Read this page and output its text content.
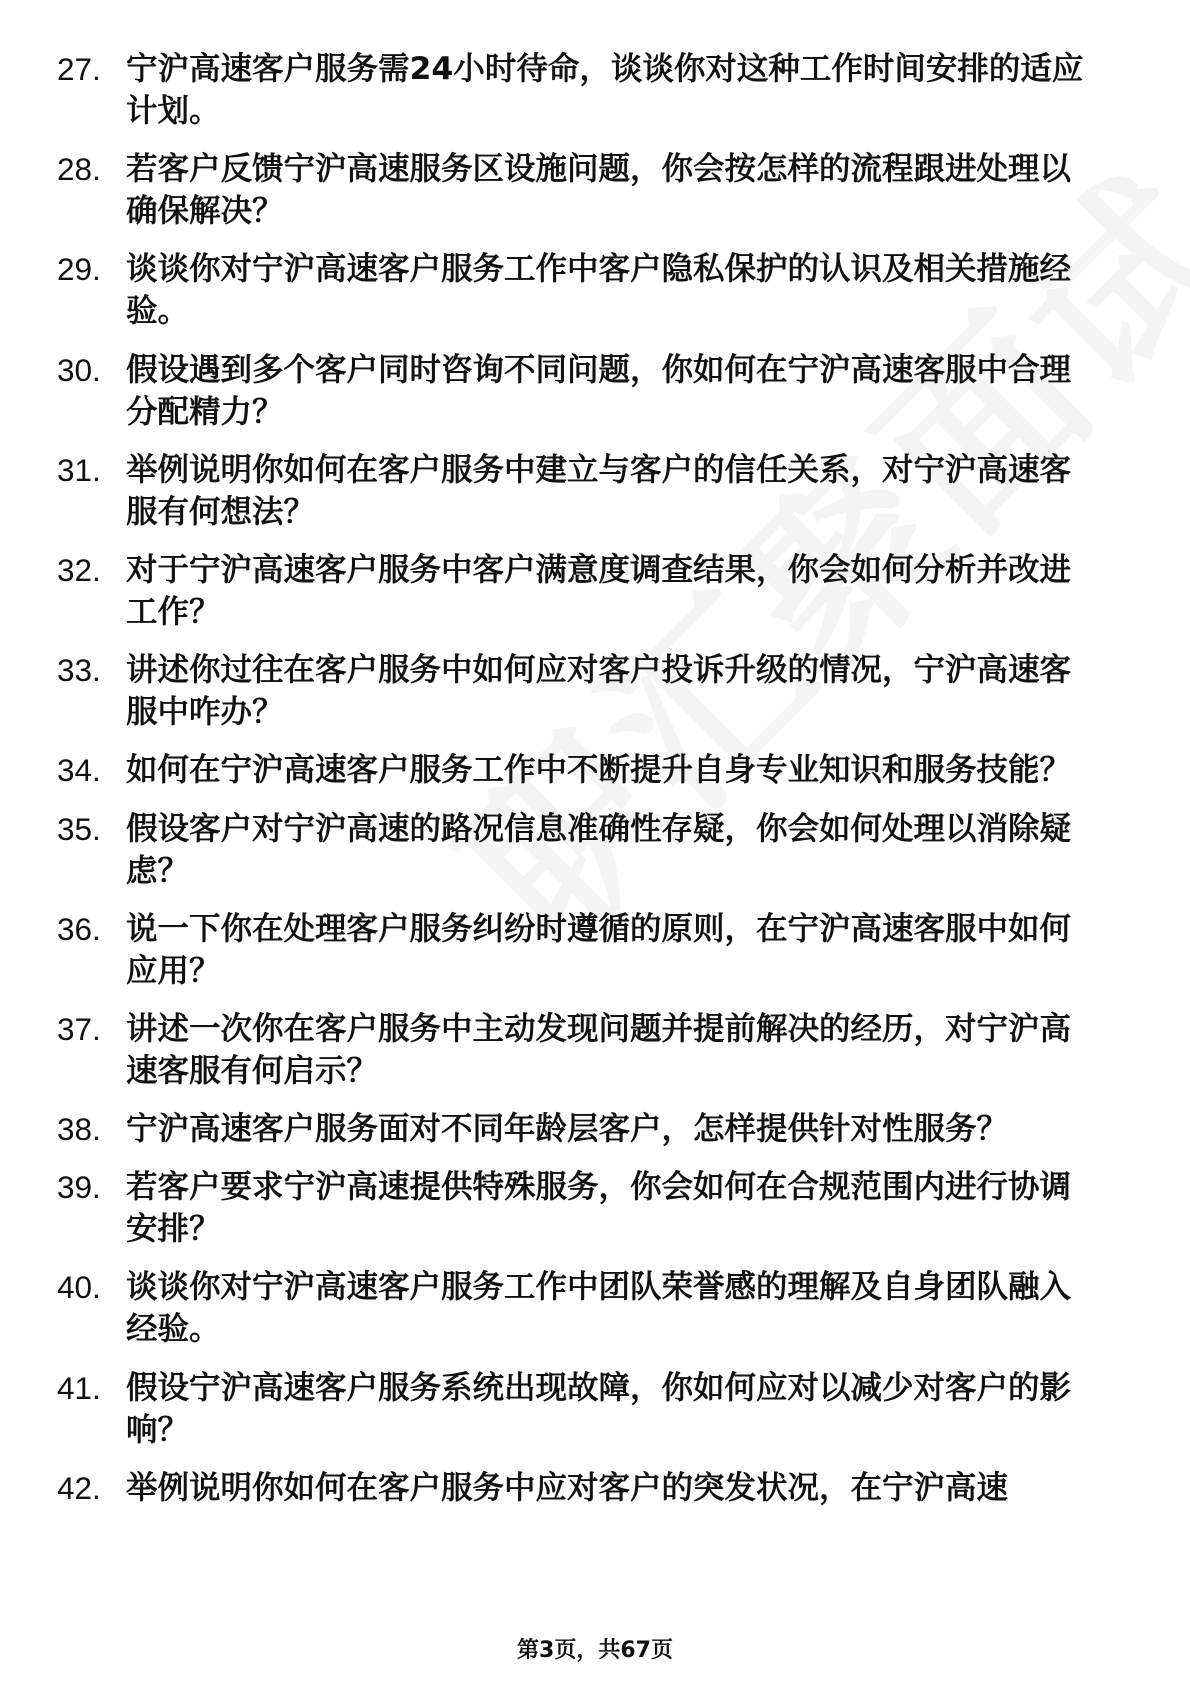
27. 宁沪高速客户服务需24小时待命，谈谈你对这种工作时间安排的适应计划。
28. 若客户反馈宁沪高速服务区设施问题，你会按怎样的流程跟进处理以确保解决？
29. 谈谈你对宁沪高速客户服务工作中客户隐私保护的认识及相关措施经验。
30. 假设遇到多个客户同时咨询不同问题，你如何在宁沪高速客服中合理分配精力？
31. 举例说明你如何在客户服务中建立与客户的信任关系，对宁沪高速客服有何想法？
32. 对于宁沪高速客户服务中客户满意度调查结果，你会如何分析并改进工作？
33. 讲述你过往在客户服务中如何应对客户投诉升级的情况，宁沪高速客服中咋办？
34. 如何在宁沪高速客户服务工作中不断提升自身专业知识和服务技能？
35. 假设客户对宁沪高速的路况信息准确性存疑，你会如何处理以消除疑虑？
36. 说一下你在处理客户服务纠纷时遵循的原则，在宁沪高速客服中如何应用？
37. 讲述一次你在客户服务中主动发现问题并提前解决的经历，对宁沪高速客服有何启示？
38. 宁沪高速客户服务面对不同年龄层客户，怎样提供针对性服务？
39. 若客户要求宁沪高速提供特殊服务，你会如何在合规范围内进行协调安排？
40. 谈谈你对宁沪高速客户服务工作中团队荣誉感的理解及自身团队融入经验。
41. 假设宁沪高速客户服务系统出现故障，你如何应对以减少对客户的影响？
42. 举例说明你如何在客户服务中应对客户的突发状况，在宁沪高速
第3页，共67页
